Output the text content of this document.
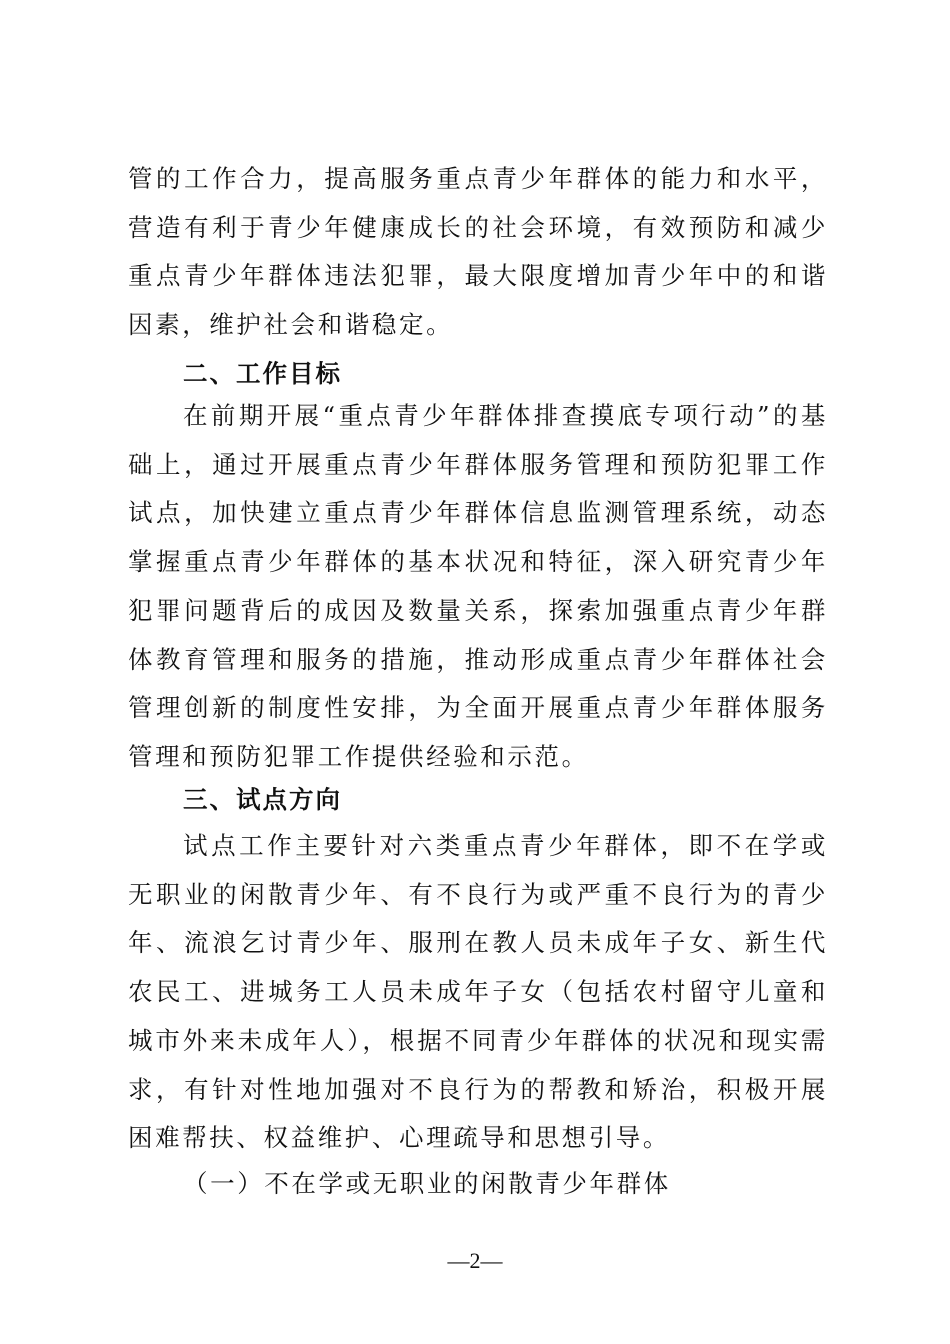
管的工作合力，提高服务重点青少年群体的能力和水平，营造有利于青少年健康成长的社会环境，有效预防和减少重点青少年群体违法犯罪，最大限度增加青少年中的和谐因素，维护社会和谐稳定。

二、工作目标

在前期开展“重点青少年群体排查摸底专项行动”的基础上，通过开展重点青少年群体服务管理和预防犯罪工作试点，加快建立重点青少年群体信息监测管理系统，动态掌握重点青少年群体的基本状况和特征，深入研究青少年犯罪问题背后的成因及数量关系，探索加强重点青少年群体教育管理和服务的措施，推动形成重点青少年群体社会管理创新的制度性安排，为全面开展重点青少年群体服务管理和预防犯罪工作提供经验和示范。

三、试点方向

试点工作主要针对六类重点青少年群体，即不在学或无职业的闲散青少年、有不良行为或严重不良行为的青少年、流浪乞讨青少年、服刑在教人员未成年子女、新生代农民工、进城务工人员未成年子女（包括农村留守儿童和城市外来未成年人），根据不同青少年群体的状况和现实需求，有针对性地加强对不良行为的帮教和矫治，积极开展困难帮扶、权益维护、心理疏导和思想引导。

（一）不在学或无职业的闲散青少年群体

—2—
